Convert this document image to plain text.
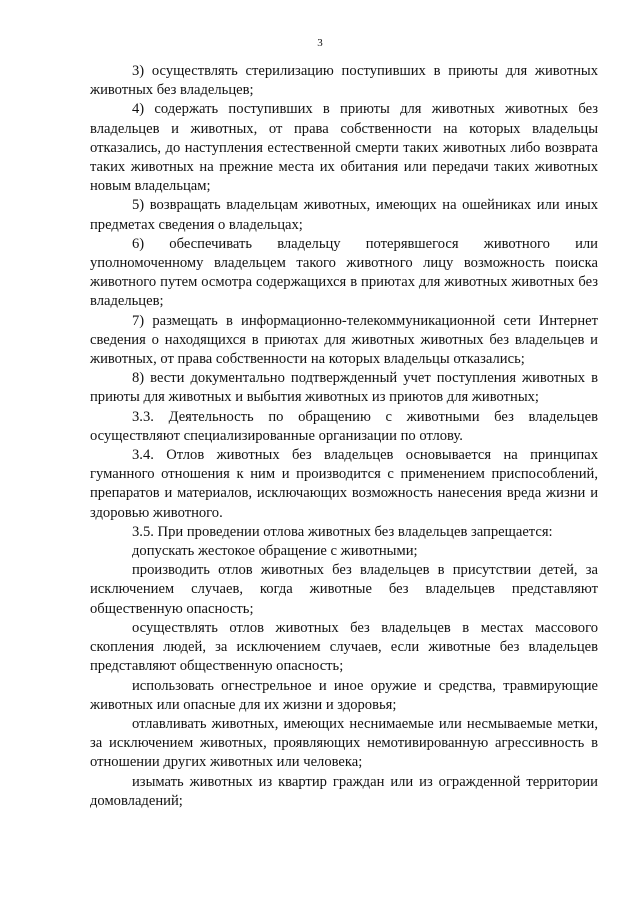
3

3) осуществлять стерилизацию поступивших в приюты для животных животных без владельцев;

4) содержать поступивших в приюты для животных животных без владельцев и животных, от права собственности на которых владельцы отказались, до наступления естественной смерти таких животных либо возврата таких животных на прежние места их обитания или передачи таких животных новым владельцам;

5) возвращать владельцам животных, имеющих на ошейниках или иных предметах сведения о владельцах;

6) обеспечивать владельцу потерявшегося животного или уполномоченному владельцем такого животного лицу возможность поиска животного путем осмотра содержащихся в приютах для животных животных без владельцев;

7) размещать в информационно-телекоммуникационной сети Интернет сведения о находящихся в приютах для животных животных без владельцев и животных, от права собственности на которых владельцы отказались;

8) вести документально подтвержденный учет поступления животных в приюты для животных и выбытия животных из приютов для животных;

3.3. Деятельность по обращению с животными без владельцев осуществляют специализированные организации по отлову.

3.4. Отлов животных без владельцев основывается на принципах гуманного отношения к ним и производится с применением приспособлений, препаратов и материалов, исключающих возможность нанесения вреда жизни и здоровью животного.

3.5. При проведении отлова животных без владельцев запрещается:

допускать жестокое обращение с животными;

производить отлов животных без владельцев в присутствии детей, за исключением случаев, когда животные без владельцев представляют общественную опасность;

осуществлять отлов животных без владельцев в местах массового скопления людей, за исключением случаев, если животные без владельцев представляют общественную опасность;

использовать огнестрельное и иное оружие и средства, травмирующие животных или опасные для их жизни и здоровья;

отлавливать животных, имеющих неснимаемые или несмываемые метки, за исключением животных, проявляющих немотивированную агрессивность в отношении других животных или человека;

изымать животных из квартир граждан или из огражденной территории домовладений;
